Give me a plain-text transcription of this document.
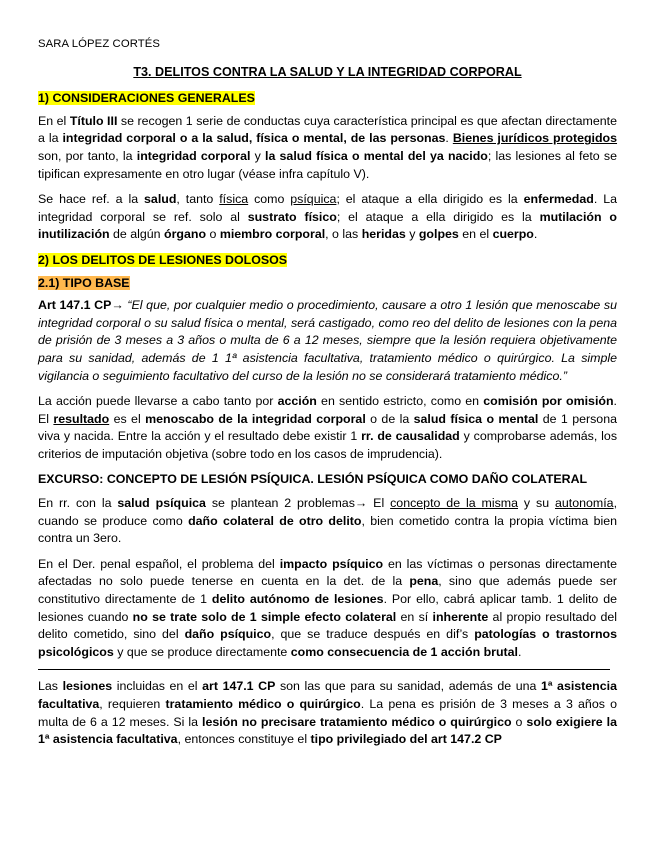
SARA LÓPEZ CORTÉS
T3. DELITOS CONTRA LA SALUD Y LA INTEGRIDAD CORPORAL
1) CONSIDERACIONES GENERALES

En el Título III se recogen 1 serie de conductas cuya característica principal es que afectan directamente a la integridad corporal o a la salud, física o mental, de las personas. Bienes jurídicos protegidos son, por tanto, la integridad corporal y la salud física o mental del ya nacido; las lesiones al feto se tipifican expresamente en otro lugar (véase infra capítulo V).

Se hace ref. a la salud, tanto física como psíquica; el ataque a ella dirigido es la enfermedad. La integridad corporal se ref. solo al sustrato físico; el ataque a ella dirigido es la mutilación o inutilización de algún órgano o miembro corporal, o las heridas y golpes en el cuerpo.

2) LOS DELITOS DE LESIONES DOLOSOS
2.1) TIPO BASE

Art 147.1 CP→ “El que, por cualquier medio o procedimiento, causare a otro 1 lesión que menoscabe su integridad corporal o su salud física o mental, será castigado, como reo del delito de lesiones con la pena de prisión de 3 meses a 3 años o multa de 6 a 12 meses, siempre que la lesión requiera objetivamente para su sanidad, además de 1 1ª asistencia facultativa, tratamiento médico o quirúrgico. La simple vigilancia o seguimiento facultativo del curso de la lesión no se considerará tratamiento médico.”

La acción puede llevarse a cabo tanto por acción en sentido estricto, como en comisión por omisión. El resultado es el menoscabo de la integridad corporal o de la salud física o mental de 1 persona viva y nacida. Entre la acción y el resultado debe existir 1 rr. de causalidad y comprobarse además, los criterios de imputación objetiva (sobre todo en los casos de imprudencia).

EXCURSO: CONCEPTO DE LESIÓN PSÍQUICA. LESIÓN PSÍQUICA COMO DAÑO COLATERAL

En rr. con la salud psíquica se plantean 2 problemas→ El concepto de la misma y su autonomía, cuando se produce como daño colateral de otro delito, bien cometido contra la propia víctima bien contra un 3ero.

En el Der. penal español, el problema del impacto psíquico en las víctimas o personas directamente afectadas no solo puede tenerse en cuenta en la det. de la pena, sino que además puede ser constitutivo directamente de 1 delito autónomo de lesiones. Por ello, cabrá aplicar tamb. 1 delito de lesiones cuando no se trate solo de 1 simple efecto colateral en sí inherente al propio resultado del delito cometido, sino del daño psíquico, que se traduce después en dif’s patologías o trastornos psicológicos y que se produce directamente como consecuencia de 1 acción brutal.

Las lesiones incluidas en el art 147.1 CP son las que para su sanidad, además de una 1ª asistencia facultativa, requieren tratamiento médico o quirúrgico. La pena es prisión de 3 meses a 3 años o multa de 6 a 12 meses. Si la lesión no precisare tratamiento médico o quirúrgico o solo exigiere la 1ª asistencia facultativa, entonces constituye el tipo privilegiado del art 147.2 CP
